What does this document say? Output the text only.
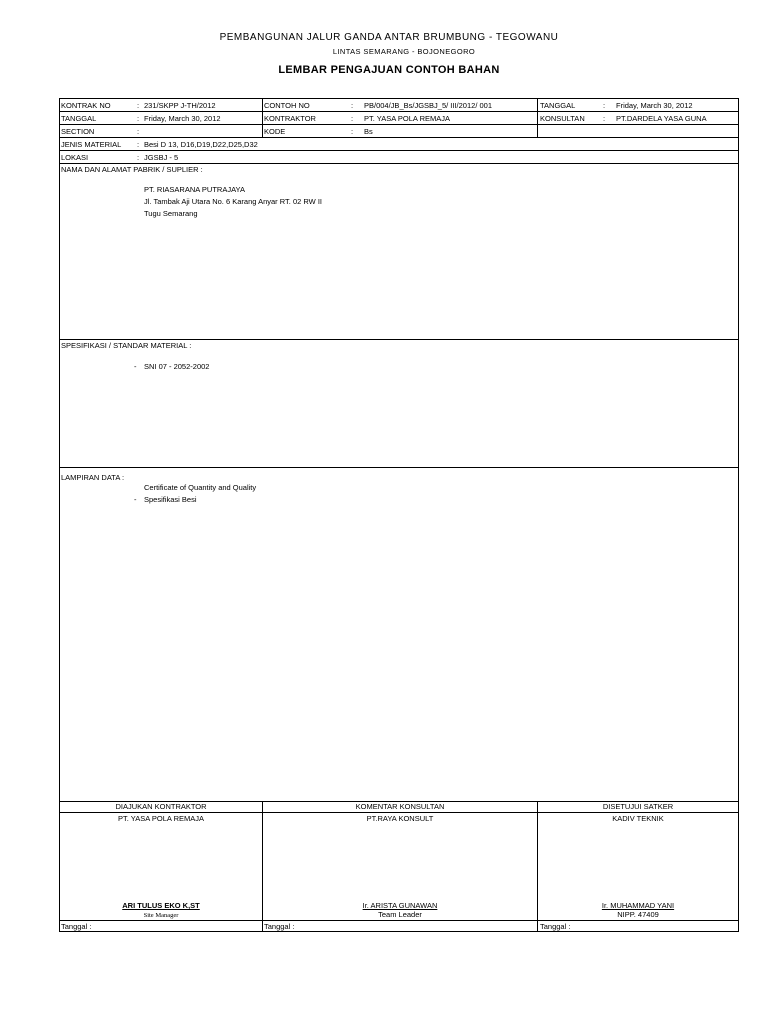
PEMBANGUNAN JALUR GANDA ANTAR BRUMBUNG - TEGOWANU
LINTAS SEMARANG - BOJONEGORO
LEMBAR PENGAJUAN CONTOH BAHAN
KONTRAK NO	: 231/SKPP J-TH/2012	CONTOH NO	: PB/004/JB_Bs/JGSBJ_5/ III/2012/ 001	TANGGAL	: Friday, March 30, 2012
TANGGAL	: Friday, March 30, 2012	KONTRAKTOR	: PT. YASA POLA REMAJA	KONSULTAN : PT.DARDELA YASA GUNA
SECTION	:	KODE	: Bs
JENIS MATERIAL : Besi D 13, D16,D19,D22,D25,D32
LOKASI	: JGSBJ - 5
NAMA DAN ALAMAT PABRIK / SUPLIER :
PT. RIASARANA PUTRAJAYA
Jl. Tambak Aji Utara No. 6 Karang Anyar RT. 02 RW II
Tugu Semarang
SPESIFIKASI / STANDAR MATERIAL :
- SNI 07 - 2052-2002
LAMPIRAN DATA :
Certificate of Quantity and Quality
- Spesifikasi Besi
DIAJUKAN KONTRAKTOR	KOMENTAR KONSULTAN	DISETUJUI SATKER
PT. YASA POLA REMAJA	PT.RAYA KONSULT	KADIV TEKNIK
ARI TULUS EKO K,ST	Ir. ARISTA GUNAWAN	Ir. MUHAMMAD YANI
Site Manager	Team Leader	NIPP. 47409
Tanggal :	Tanggal :	Tanggal :
